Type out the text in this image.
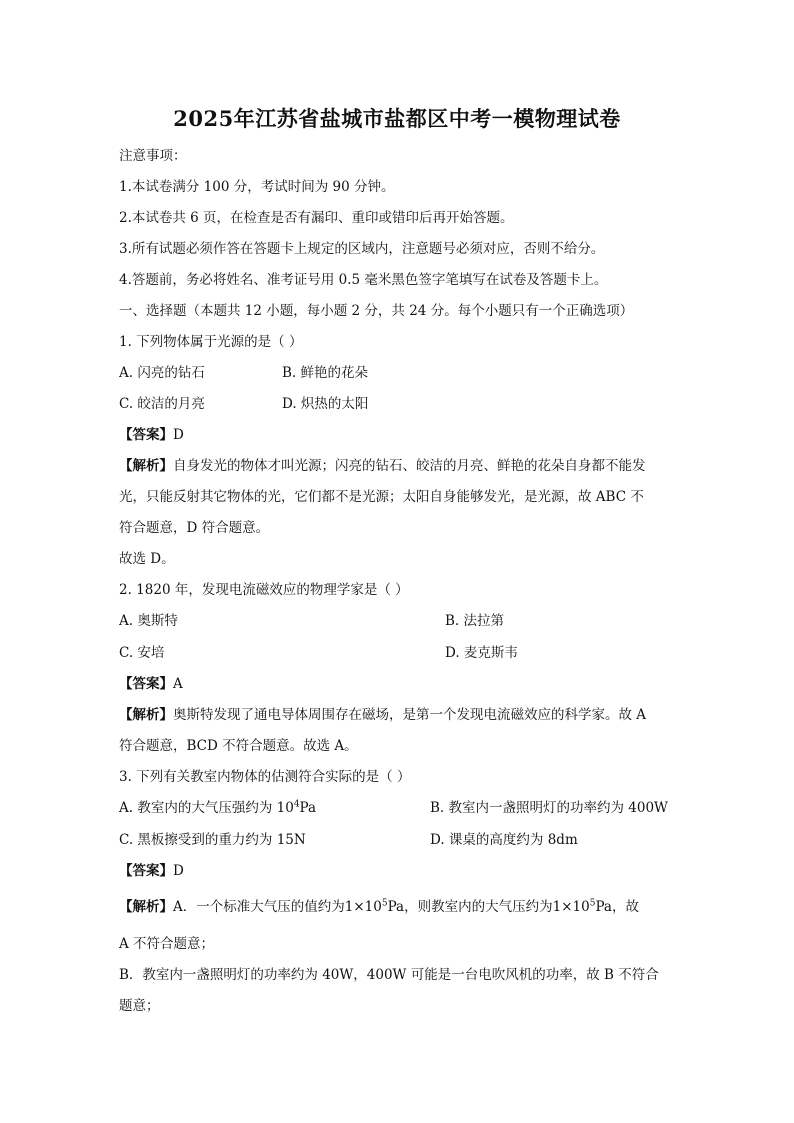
2025年江苏省盐城市盐都区中考一模物理试卷
注意事项：
1.本试卷满分 100 分，考试时间为 90 分钟。
2.本试卷共 6 页，在检查是否有漏印、重印或错印后再开始答题。
3.所有试题必须作答在答题卡上规定的区域内，注意题号必须对应，否则不给分。
4.答题前，务必将姓名、准考证号用 0.5 毫米黑色签字笔填写在试卷及答题卡上。
一、选择题（本题共 12 小题，每小题 2 分，共 24 分。每个小题只有一个正确选项）
1. 下列物体属于光源的是（ ）
A. 闪亮的钻石	B. 鲜艳的花朵
C. 皎洁的月亮	D. 炽热的太阳
【答案】D
【解析】自身发光的物体才叫光源；闪亮的钻石、皎洁的月亮、鲜艳的花朵自身都不能发
光，只能反射其它物体的光，它们都不是光源；太阳自身能够发光，是光源，故 ABC 不
符合题意，D 符合题意。
故选 D。
2. 1820 年，发现电流磁效应的物理学家是（ ）
A. 奥斯特	B. 法拉第
C. 安培	D. 麦克斯韦
【答案】A
【解析】奥斯特发现了通电导体周围存在磁场，是第一个发现电流磁效应的科学家。故 A
符合题意，BCD 不符合题意。故选 A。
3. 下列有关教室内物体的估测符合实际的是（ ）
A. 教室内的大气压强约为 $10^4Pa$	B. 教室内一盏照明灯的功率约为 400W
C. 黑板擦受到的重力约为 15N	D. 课桌的高度约为 8dm
【答案】D
【解析】A．一个标准大气压的值约为$1\times 10^5Pa$，则教室内的大气压约为$1\times 10^5Pa$，故
A 不符合题意；
B．教室内一盏照明灯的功率约为 40W，400W 可能是一台电吹风机的功率，故 B 不符合
题意；
